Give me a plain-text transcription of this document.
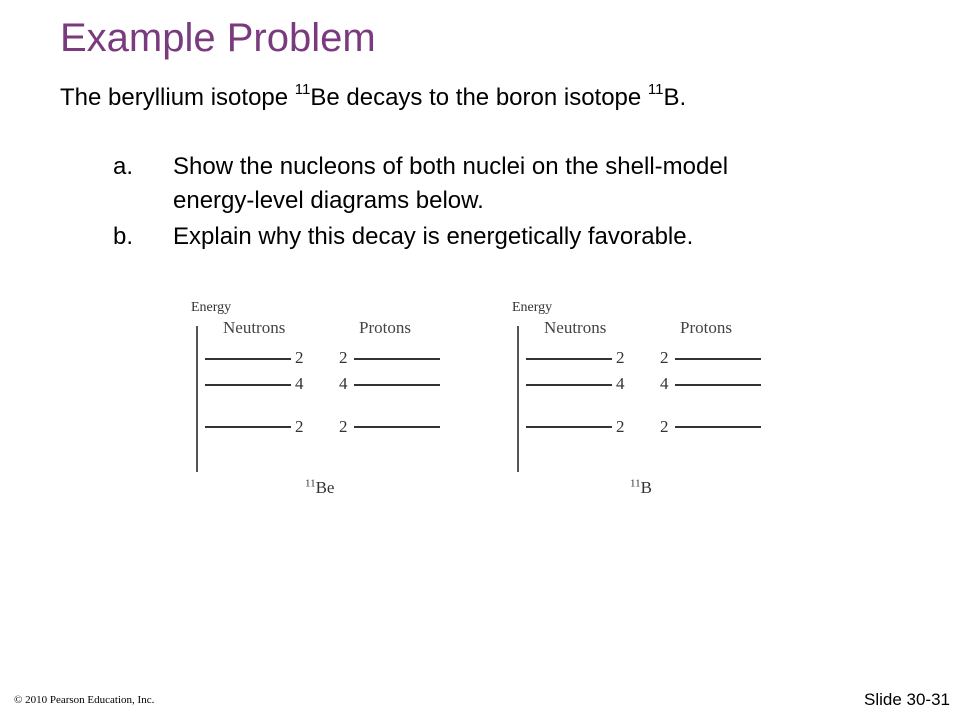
Example Problem
The beryllium isotope $^{11}$Be decays to the boron isotope $^{11}$B.
a. Show the nucleons of both nuclei on the shell-model
energy-level diagrams below.
b. Explain why this decay is energetically favorable.
Energy
Neutrons	Protons
2 2
4 4
2 2
$^{11}$Be
Energy
Neutrons	Protons
2 2
4 4
2 2
$^{11}$B
© 2010 Pearson Education, Inc.	Slide 30-31
